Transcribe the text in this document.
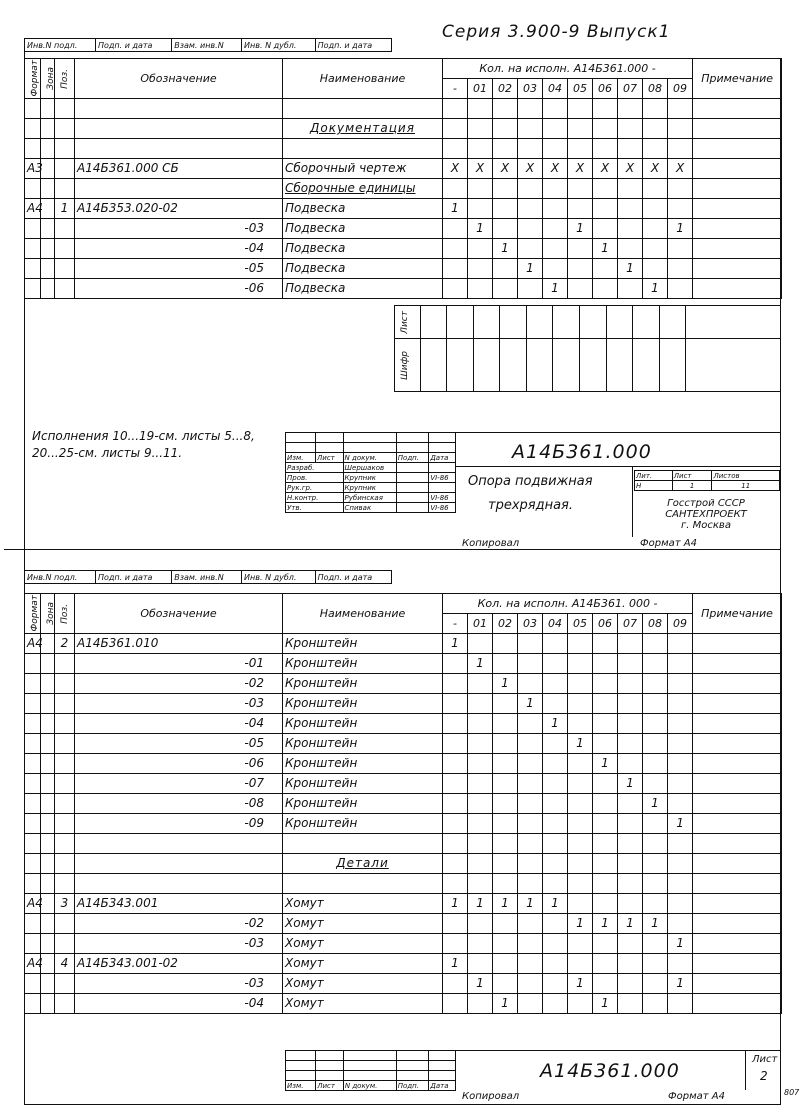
Инв.N подл.	Подп. и дата	Взам. инв.N	Инв. N дубл.	Подп. и дата
Серия 3.900-9 Выпуск1
Формат	Зона	Поз.	Обозначение	Наименование	Кол. на исполн. А14Б361.000 -										Примечание
					-	01	02	03	04	05	06	07	08	09	

				Документация											

А3			А14Б361.000 СБ	Сборочный чертеж	X	X	X	X	X	X	X	X	X	X	
				Сборочные единицы											
А4		1	А14Б353.020-02	Подвеска	1										
			-03	Подвеска		1				1				1	
			-04	Подвеска			1				1				
			-05	Подвеска				1				1			
			-06	Подвеска					1				1		
Лист											

Шифр											

Исполнения 10...19-см. листы 5...8,
20...25-см. листы 9...11.

					Изм.	Лист	N докум.	Подп.	Дата
Разраб.		Шершаков		
Пров.		Крупник		VI-86
Рук.гр.		Крупник		
Н.контр.		Рубинская		VI-86
Утв.		Спивак		VI-86
А14Б361.000
Опора подвижная
трехрядная.
Лит.	Лист	Листов
Н	1	11
Госстрой СССР
САНТЕХПРОЕКТ
г. Москва
Копировал	Формат А4
Инв.N подл.	Подп. и дата	Взам. инв.N	Инв. N дубл.	Подп. и дата
Формат	Зона	Поз.	Обозначение	Наименование	Кол. на исполн. А14Б361. 000 -										Примечание
					-	01	02	03	04	05	06	07	08	09	
А4		2	А14Б361.010	Кронштейн	1										
			-01	Кронштейн		1									
			-02	Кронштейн			1								
			-03	Кронштейн				1							
			-04	Кронштейн					1						
			-05	Кронштейн						1					
			-06	Кронштейн							1				
			-07	Кронштейн								1			
			-08	Кронштейн									1		
			-09	Кронштейн										1	

				Детали											

А4		3	А14Б343.001	Хомут	1	1	1	1	1						
			-02	Хомут						1	1	1	1		
			-03	Хомут										1	
А4		4	А14Б343.001-02	Хомут	1										
			-03	Хомут		1				1				1	
			-04	Хомут			1				1				

Изм.	Лист	N докум.	Подп.	Дата
А14Б361.000
Лист
2
Копировал	Формат А4	807
